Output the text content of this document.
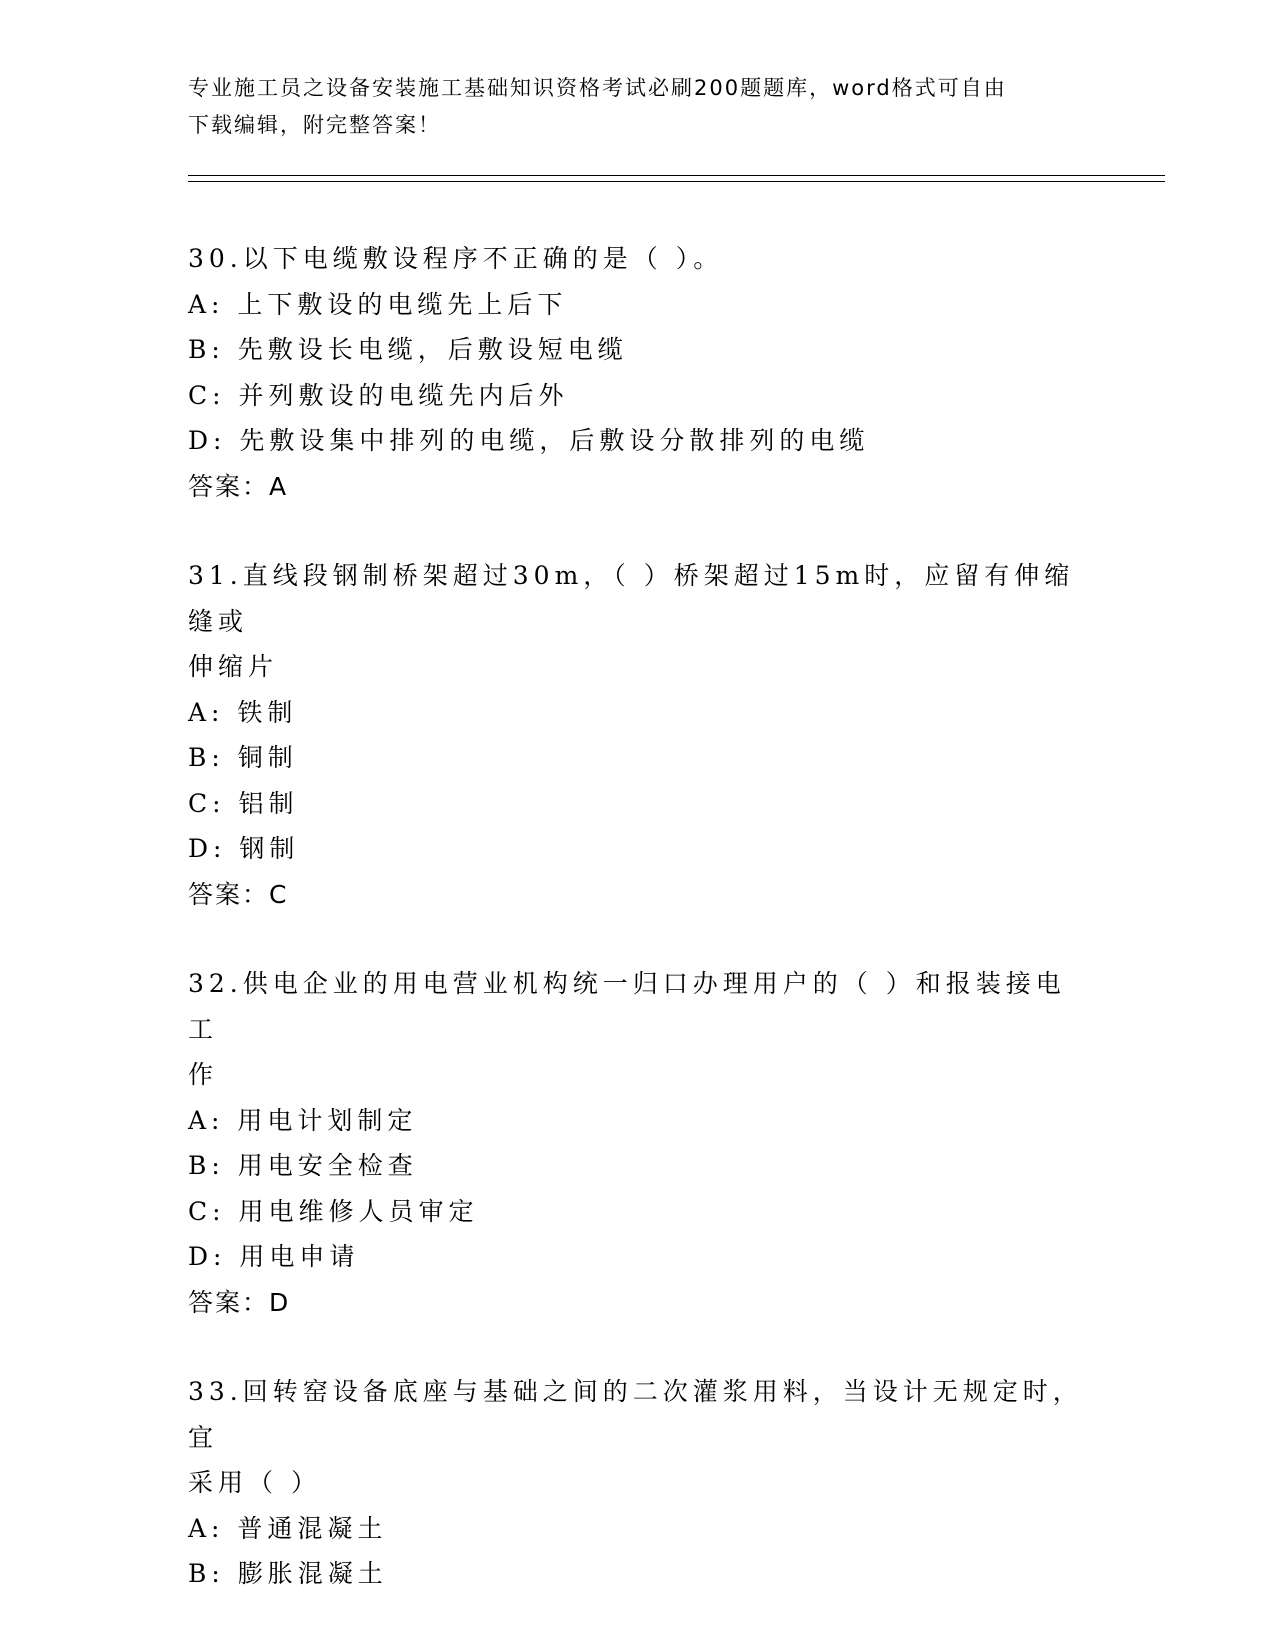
专业施工员之设备安装施工基础知识资格考试必刷200题题库，word格式可自由
下载编辑，附完整答案！
30.以下电缆敷设程序不正确的是（ ）。
A: 上下敷设的电缆先上后下
B: 先敷设长电缆，后敷设短电缆
C: 并列敷设的电缆先内后外
D: 先敷设集中排列的电缆，后敷设分散排列的电缆
答案：A
31.直线段钢制桥架超过30m，（ ）桥架超过15m时，应留有伸缩缝或
伸缩片
A: 铁制
B: 铜制
C: 铝制
D: 钢制
答案：C
32.供电企业的用电营业机构统一归口办理用户的（ ）和报装接电工
作
A: 用电计划制定
B: 用电安全检查
C: 用电维修人员审定
D: 用电申请
答案：D
33.回转窑设备底座与基础之间的二次灌浆用料，当设计无规定时，宜
采用（ ）
A: 普通混凝土
B: 膨胀混凝土
